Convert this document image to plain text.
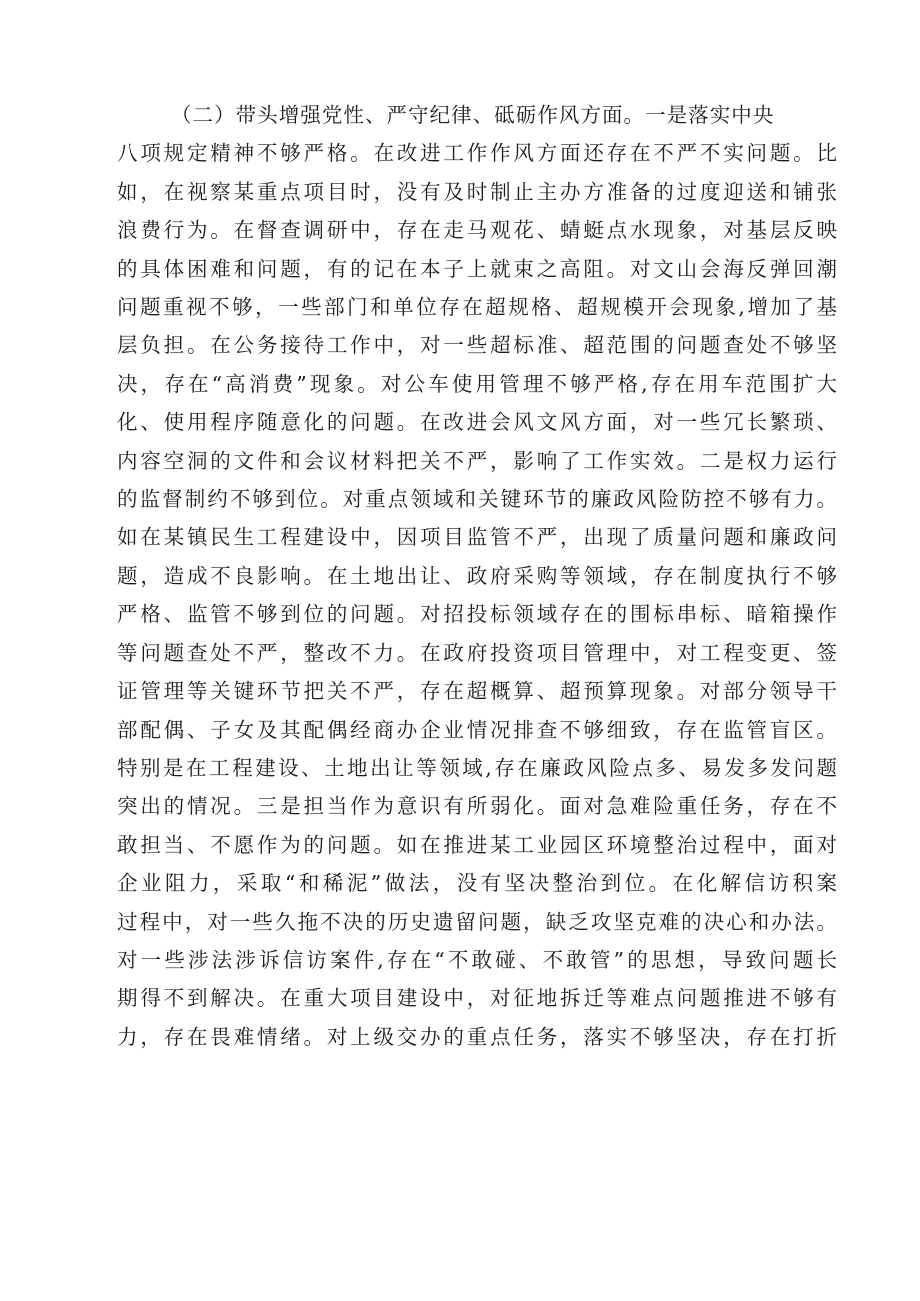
（二）带头增强党性、严守纪律、砥砺作风方面。一是落实中央
八项规定精神不够严格。在改进工作作风方面还存在不严不实问题。比
如，在视察某重点项目时，没有及时制止主办方准备的过度迎送和铺张
浪费行为。在督查调研中，存在走马观花、蜻蜓点水现象，对基层反映
的具体困难和问题，有的记在本子上就束之高阻。对文山会海反弹回潮
问题重视不够，一些部门和单位存在超规格、超规模开会现象,增加了基
层负担。在公务接待工作中，对一些超标准、超范围的问题查处不够坚
决，存在“高消费”现象。对公车使用管理不够严格,存在用车范围扩大
化、使用程序随意化的问题。在改进会风文风方面，对一些冗长繁琐、
内容空洞的文件和会议材料把关不严，影响了工作实效。二是权力运行
的监督制约不够到位。对重点领域和关键环节的廉政风险防控不够有力。
如在某镇民生工程建设中，因项目监管不严，出现了质量问题和廉政问
题，造成不良影响。在土地出让、政府采购等领域，存在制度执行不够
严格、监管不够到位的问题。对招投标领域存在的围标串标、暗箱操作
等问题查处不严，整改不力。在政府投资项目管理中，对工程变更、签
证管理等关键环节把关不严，存在超概算、超预算现象。对部分领导干
部配偶、子女及其配偶经商办企业情况排查不够细致，存在监管盲区。
特别是在工程建设、土地出让等领域,存在廉政风险点多、易发多发问题
突出的情况。三是担当作为意识有所弱化。面对急难险重任务，存在不
敢担当、不愿作为的问题。如在推进某工业园区环境整治过程中，面对
企业阻力，采取“和稀泥”做法，没有坚决整治到位。在化解信访积案
过程中，对一些久拖不决的历史遗留问题，缺乏攻坚克难的决心和办法。
对一些涉法涉诉信访案件,存在“不敢碰、不敢管”的思想，导致问题长
期得不到解决。在重大项目建设中，对征地拆迁等难点问题推进不够有
力，存在畏难情绪。对上级交办的重点任务，落实不够坚决，存在打折
